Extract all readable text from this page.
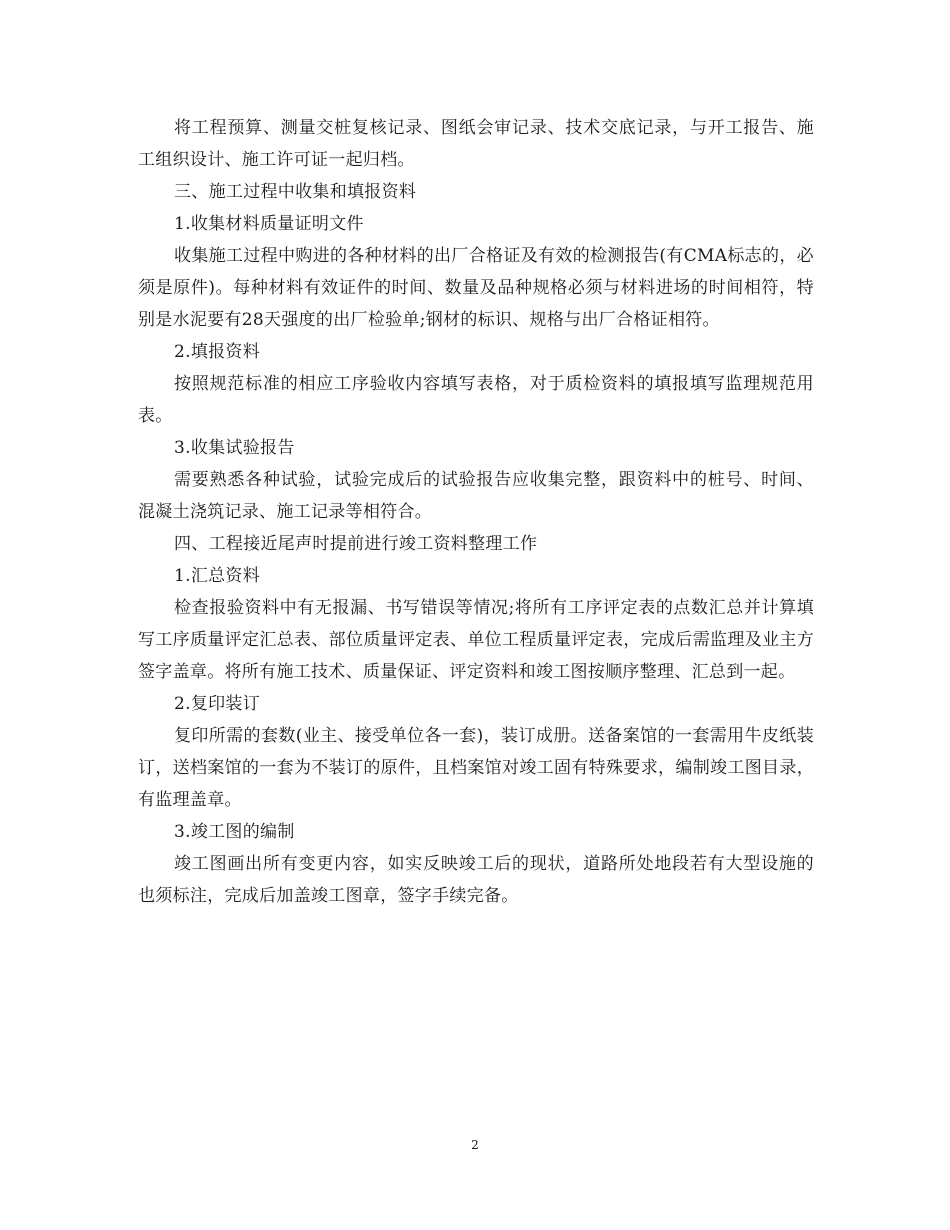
将工程预算、测量交桩复核记录、图纸会审记录、技术交底记录，与开工报告、施工组织设计、施工许可证一起归档。

三、施工过程中收集和填报资料

1.收集材料质量证明文件

收集施工过程中购进的各种材料的出厂合格证及有效的检测报告(有CMA标志的，必须是原件)。每种材料有效证件的时间、数量及品种规格必须与材料进场的时间相符，特别是水泥要有28天强度的出厂检验单;钢材的标识、规格与出厂合格证相符。

2.填报资料

按照规范标准的相应工序验收内容填写表格，对于质检资料的填报填写监理规范用表。

3.收集试验报告

需要熟悉各种试验，试验完成后的试验报告应收集完整，跟资料中的桩号、时间、混凝土浇筑记录、施工记录等相符合。

四、工程接近尾声时提前进行竣工资料整理工作

1.汇总资料

检查报验资料中有无报漏、书写错误等情况;将所有工序评定表的点数汇总并计算填写工序质量评定汇总表、部位质量评定表、单位工程质量评定表，完成后需监理及业主方签字盖章。将所有施工技术、质量保证、评定资料和竣工图按顺序整理、汇总到一起。

2.复印装订

复印所需的套数(业主、接受单位各一套)，装订成册。送备案馆的一套需用牛皮纸装订，送档案馆的一套为不装订的原件，且档案馆对竣工固有特殊要求，编制竣工图目录，有监理盖章。

3.竣工图的编制

竣工图画出所有变更内容，如实反映竣工后的现状，道路所处地段若有大型设施的也须标注，完成后加盖竣工图章，签字手续完备。

2
